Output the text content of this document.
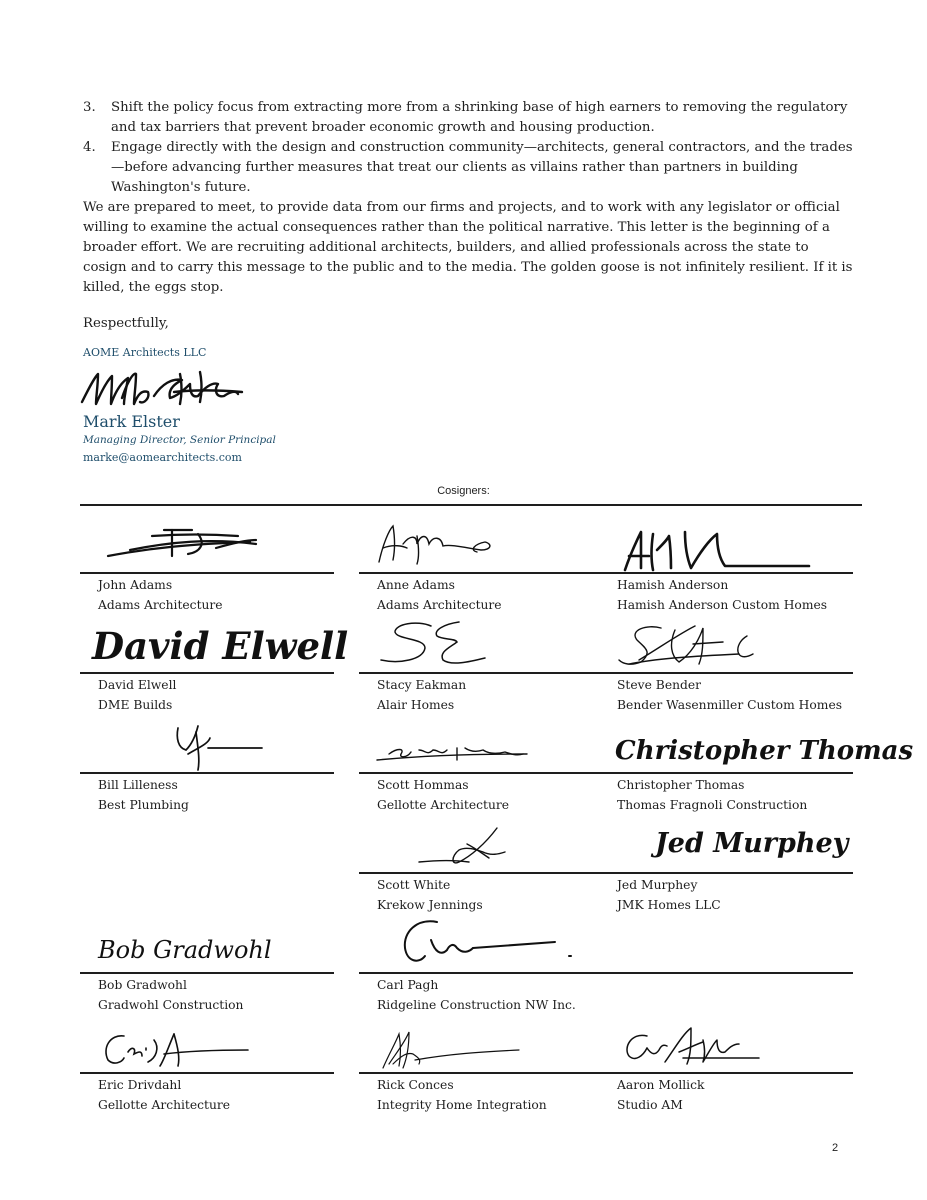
3.	Shift the policy focus from extracting more from a shrinking base of high earners to removing the regulatory and tax barriers that prevent broader economic growth and housing production.
4.	Engage directly with the design and construction community—architects, general contractors, and the trades—before advancing further measures that treat our clients as villains rather than partners in building Washington's future.

We are prepared to meet, to provide data from our firms and projects, and to work with any legislator or official willing to examine the actual consequences rather than the political narrative. This letter is the beginning of a broader effort. We are recruiting additional architects, builders, and allied professionals across the state to cosign and to carry this message to the public and to the media. The golden goose is not infinitely resilient. If it is killed, the eggs stop.

Respectfully,
AOME Architects LLC
Mark Elster
Managing Director, Senior Principal
marke@aomearchitects.com
Cosigners:
John Adams
Adams Architecture
Anne Adams
Adams Architecture
Hamish Anderson
Hamish Anderson Custom Homes
David Elwell
David Elwell
DME Builds
Stacy Eakman
Alair Homes
Steve Bender
Bender Wasenmiller Custom Homes
Bill Lilleness
Best Plumbing
Scott Hommas
Gellotte Architecture
Christopher Thomas
Christopher Thomas
Thomas Fragnoli Construction
Scott White
Krekow Jennings
Jed Murphey
Jed Murphey
JMK Homes LLC
Bob Gradwohl
Bob Gradwohl
Gradwohl Construction
Carl Pagh
Ridgeline Construction NW Inc.
Eric Drivdahl
Gellotte Architecture
Rick Conces
Integrity Home Integration
Aaron Mollick
Studio AM
2
